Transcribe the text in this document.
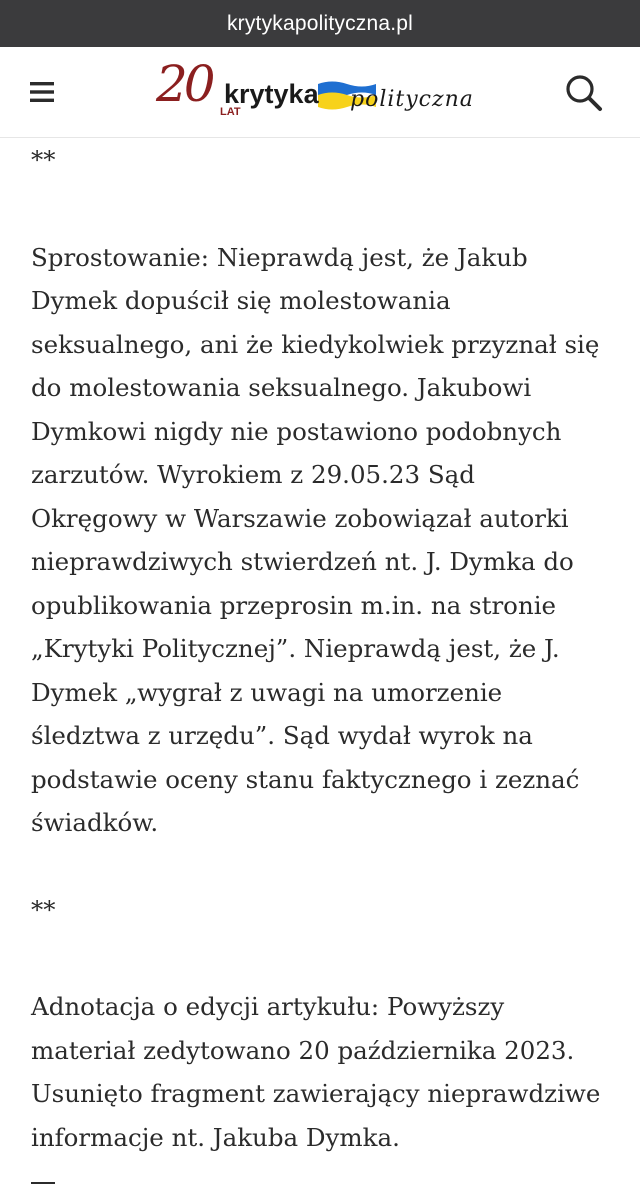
krytykapolityczna.pl
20 LAT
krytyka polityczna

**

Sprostowanie: Nieprawdą jest, że Jakub Dymek dopuścił się molestowania seksualnego, ani że kiedykolwiek przyznał się do molestowania seksualnego. Jakubowi Dymkowi nigdy nie postawiono podobnych zarzutów. Wyrokiem z 29.05.23 Sąd Okręgowy w Warszawie zobowiązał autorki nieprawdziwych stwierdzeń nt. J. Dymka do opublikowania przeprosin m.in. na stronie „Krytyki Politycznej”. Nieprawdą jest, że J. Dymek „wygrał z uwagi na umorzenie śledztwa z urzędu”. Sąd wydał wyrok na podstawie oceny stanu faktycznego i zeznać świadków.

**

Adnotacja o edycji artykułu: Powyższy materiał zedytowano 20 października 2023. Usunięto fragment zawierający nieprawdziwe informacje nt. Jakuba Dymka.
